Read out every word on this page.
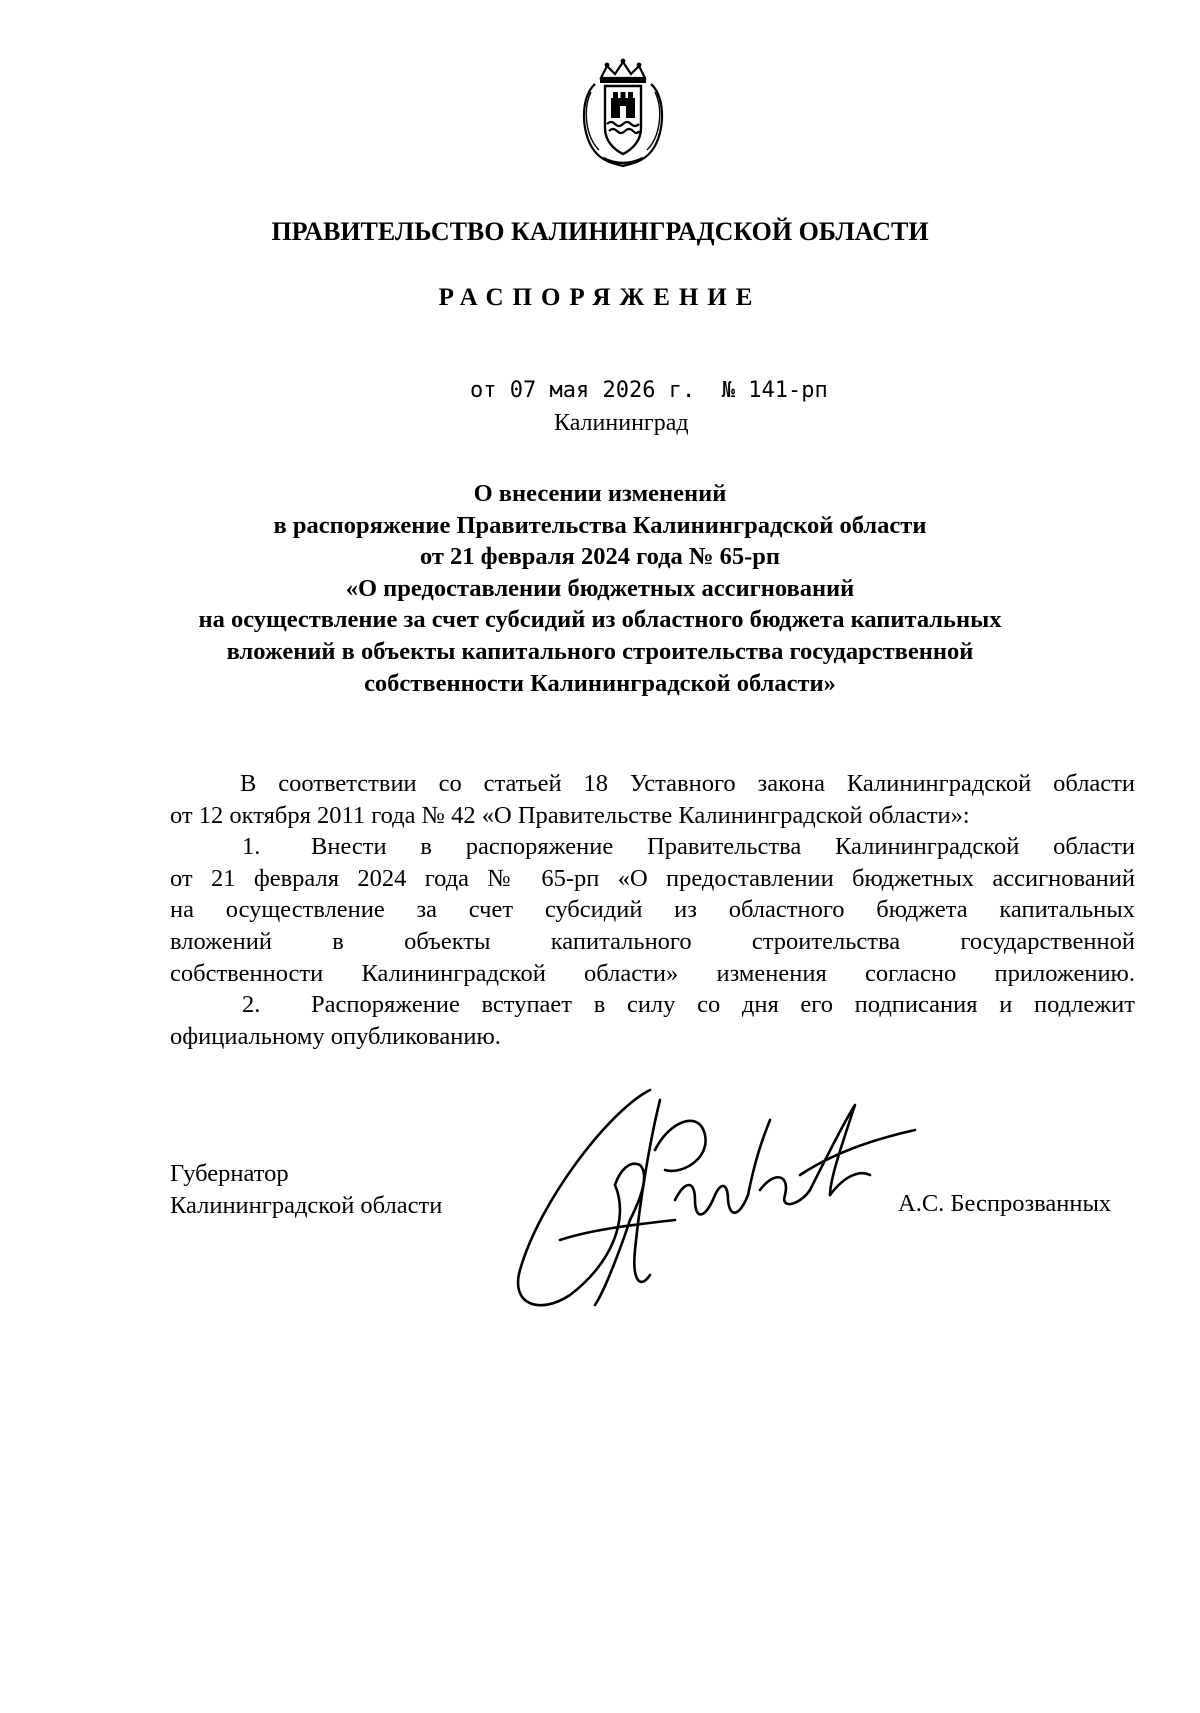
ПРАВИТЕЛЬСТВО КАЛИНИНГРАДСКОЙ ОБЛАСТИ
РАСПОРЯЖЕНИЕ
от 07 мая 2026 г. № 141-рп
Калининград
О внесении изменений
в распоряжение Правительства Калининградской области
от 21 февраля 2024 года № 65-рп
«О предоставлении бюджетных ассигнований
на осуществление за счет субсидий из областного бюджета капитальных
вложений в объекты капитального строительства государственной
собственности Калининградской области»
В соответствии со статьей 18 Уставного закона Калининградской области
от 12 октября 2011 года № 42 «О Правительстве Калининградской области»:
1.	Внести в распоряжение Правительства Калининградской области
от 21 февраля 2024 года № 65-рп «О предоставлении бюджетных ассигнований
на осуществление за счет субсидий из областного бюджета капитальных
вложений в объекты капитального строительства государственной
собственности Калининградской области» изменения согласно приложению.
2.	Распоряжение вступает в силу со дня его подписания и подлежит
официальному опубликованию.
Губернатор
Калининградской области	А.С. Беспрозванных
